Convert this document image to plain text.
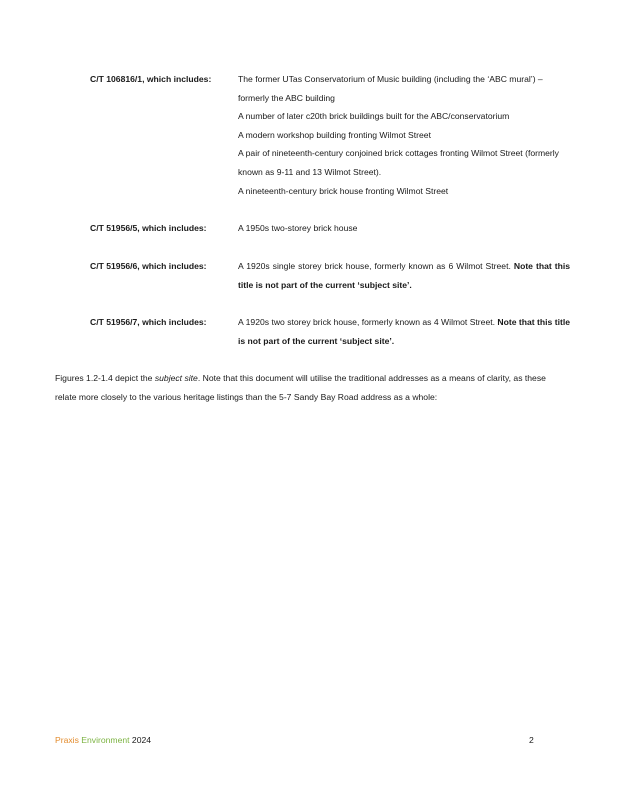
C/T 106816/1, which includes:	The former UTas Conservatorium of Music building (including the ‘ABC mural’) – formerly the ABC building

A number of later c20th brick buildings built for the ABC/conservatorium

A modern workshop building fronting Wilmot Street

A pair of nineteenth-century conjoined brick cottages fronting Wilmot Street (formerly known as 9-11 and 13 Wilmot Street).

A nineteenth-century brick house fronting Wilmot Street

C/T 51956/5, which includes:	A 1950s two-storey brick house

C/T 51956/6, which includes:	A 1920s single storey brick house, formerly known as 6 Wilmot Street. Note that this title is not part of the current ‘subject site’.

C/T 51956/7, which includes:	A 1920s two storey brick house, formerly known as 4 Wilmot Street. Note that this title is not part of the current ‘subject site’.

Figures 1.2-1.4 depict the subject site. Note that this document will utilise the traditional addresses as a means of clarity, as these relate more closely to the various heritage listings than the 5-7 Sandy Bay Road address as a whole:
Praxis Environment 2024	2
